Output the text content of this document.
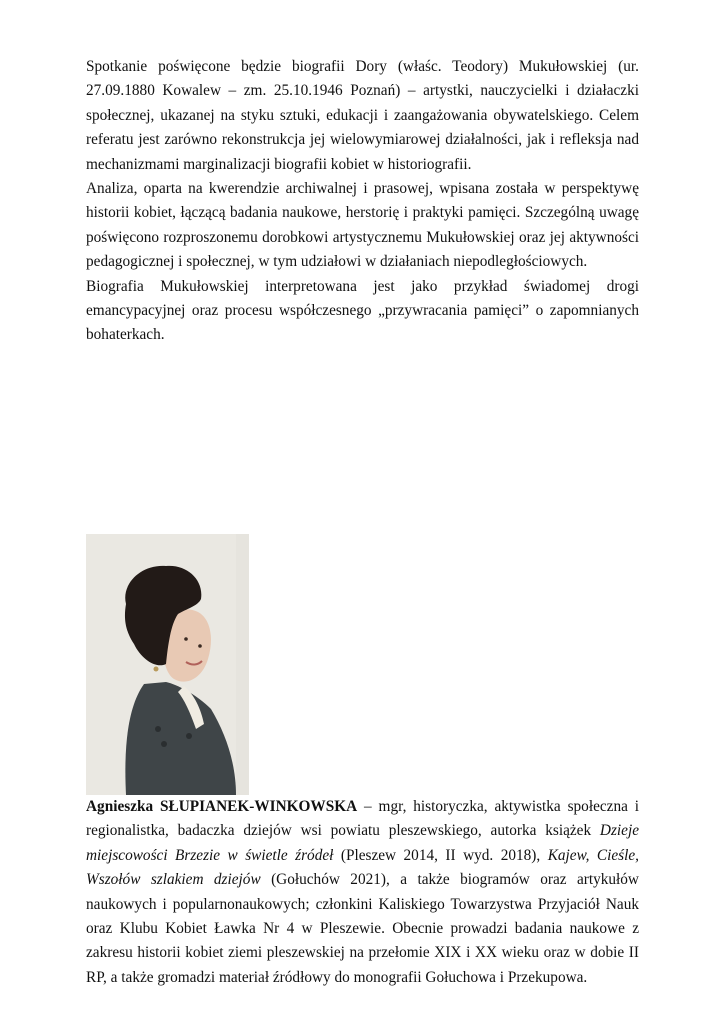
Spotkanie poświęcone będzie biografii Dory (właśc. Teodory) Mukułowskiej (ur. 27.09.1880 Kowalew – zm. 25.10.1946 Poznań) – artystki, nauczycielki i działaczki społecznej, ukazanej na styku sztuki, edukacji i zaangażowania obywatelskiego. Celem referatu jest zarówno rekonstrukcja jej wielowymiarowej działalności, jak i refleksja nad mechanizmami marginalizacji biografii kobiet w historiografii.

Analiza, oparta na kwerendzie archiwalnej i prasowej, wpisana została w perspektywę historii kobiet, łączącą badania naukowe, herstorię i praktyki pamięci. Szczególną uwagę poświęcono rozproszonemu dorobkowi artystycznemu Mukułowskiej oraz jej aktywności pedagogicznej i społecznej, w tym udziałowi w działaniach niepodległościowych.

Biografia Mukułowskiej interpretowana jest jako przykład świadomej drogi emancypacyjnej oraz procesu współczesnego „przywracania pamięci” o zapomnianych bohaterkach.

Agnieszka SŁUPIANEK-WINKOWSKA – mgr, historyczka, aktywistka społeczna i regionalistka, badaczka dziejów wsi powiatu pleszewskiego, autorka książek Dzieje miejscowości Brzezie w świetle źródeł (Pleszew 2014, II wyd. 2018), Kajew, Cieśle, Wszołów szlakiem dziejów (Gołuchów 2021), a także biogramów oraz artykułów naukowych i popularnonaukowych; członkini Kaliskiego Towarzystwa Przyjaciół Nauk oraz Klubu Kobiet Ławka Nr 4 w Pleszewie. Obecnie prowadzi badania naukowe z zakresu historii kobiet ziemi pleszewskiej na przełomie XIX i XX wieku oraz w dobie II RP, a także gromadzi materiał źródłowy do monografii Gołuchowa i Przekupowa.
